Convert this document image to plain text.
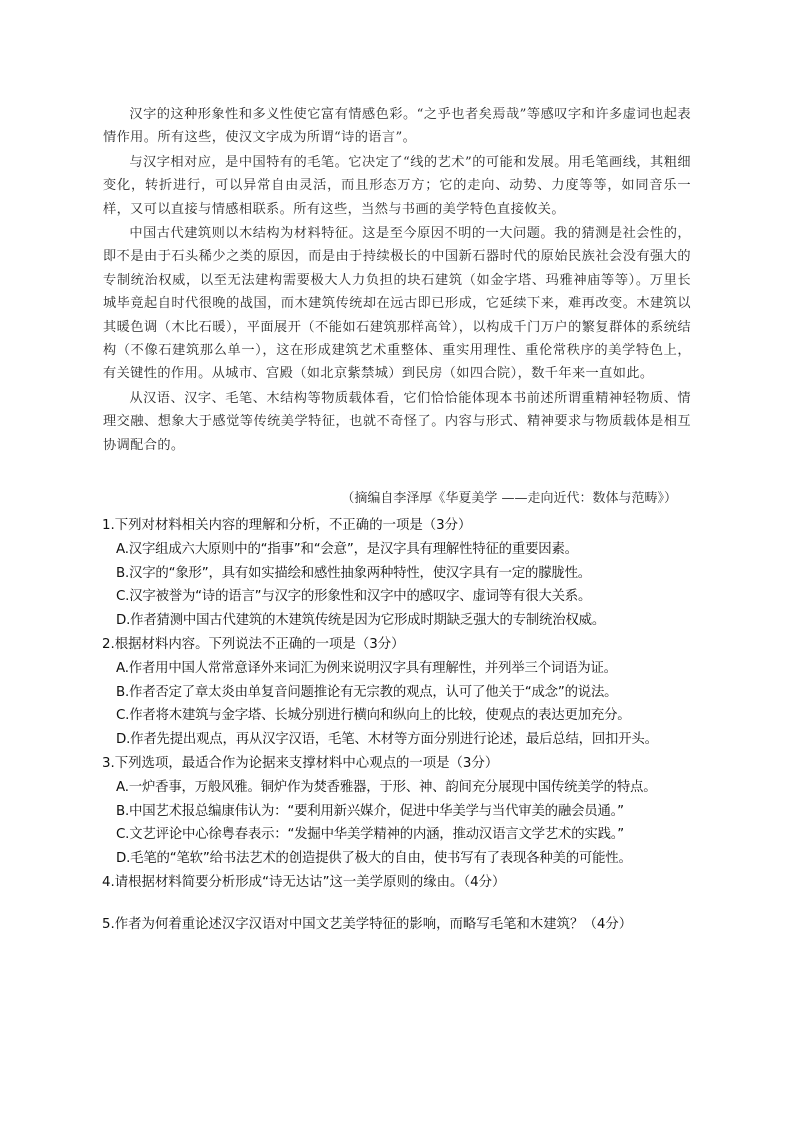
汉字的这种形象性和多义性使它富有情感色彩。“之乎也者矣焉哉”等感叹字和许多虚词也起表情作用。所有这些，使汉文字成为所谓“诗的语言”。

与汉字相对应，是中国特有的毛笔。它决定了“线的艺术”的可能和发展。用毛笔画线，其粗细变化，转折进行，可以异常自由灵活，而且形态万方；它的走向、动势、力度等等，如同音乐一样，又可以直接与情感相联系。所有这些，当然与书画的美学特色直接攸关。

中国古代建筑则以木结构为材料特征。这是至今原因不明的一大问题。我的猜测是社会性的，即不是由于石头稀少之类的原因，而是由于持续极长的中国新石器时代的原始民族社会没有强大的专制统治权威，以至无法建构需要极大人力负担的块石建筑（如金字塔、玛雅神庙等等）。万里长城毕竟起自时代很晚的战国，而木建筑传统却在远古即已形成，它延续下来，难再改变。木建筑以其暖色调（木比石暖），平面展开（不能如石建筑那样高耸），以构成千门万户的繁复群体的系统结构（不像石建筑那么单一），这在形成建筑艺术重整体、重实用理性、重伦常秩序的美学特色上，有关键性的作用。从城市、宫殿（如北京紫禁城）到民房（如四合院），数千年来一直如此。

从汉语、汉字、毛笔、木结构等物质载体看，它们恰恰能体现本书前述所谓重精神轻物质、情理交融、想象大于感觉等传统美学特征，也就不奇怪了。内容与形式、精神要求与物质载体是相互协调配合的。

（摘编自李泽厚《华夏美学 ——走向近代：数体与范畴》）
1.下列对材料相关内容的理解和分析，不正确的一项是（3分）
A.汉字组成六大原则中的“指事”和“会意”，是汉字具有理解性特征的重要因素。
B.汉字的“象形”，具有如实描绘和感性抽象两种特性，使汉字具有一定的朦胧性。
C.汉字被誉为“诗的语言”与汉字的形象性和汉字中的感叹字、虚词等有很大关系。
D.作者猜测中国古代建筑的木建筑传统是因为它形成时期缺乏强大的专制统治权威。
2.根据材料内容。下列说法不正确的一项是（3分）
A.作者用中国人常常意译外来词汇为例来说明汉字具有理解性，并列举三个词语为证。
B.作者否定了章太炎由单复音问题推论有无宗教的观点，认可了他关于“成念”的说法。
C.作者将木建筑与金字塔、长城分别进行横向和纵向上的比较，使观点的表达更加充分。
D.作者先提出观点，再从汉字汉语，毛笔、木材等方面分别进行论述，最后总结，回扣开头。
3.下列选项，最适合作为论据来支撑材料中心观点的一项是（3分）
A.一炉香事，万般风雅。铜炉作为焚香雅器，于形、神、韵间充分展现中国传统美学的特点。
B.中国艺术报总编康伟认为：“要利用新兴媒介，促进中华美学与当代审美的融会员通。”
C.文艺评论中心徐粤春表示：“发掘中华美学精神的内涵，推动汉语言文学艺术的实践。”
D.毛笔的“笔软”给书法艺术的创造提供了极大的自由，使书写有了表现各种美的可能性。
4.请根据材料简要分析形成“诗无达诂”这一美学原则的缘由。（4分）
5.作者为何着重论述汉字汉语对中国文艺美学特征的影响，而略写毛笔和木建筑？（4分）
